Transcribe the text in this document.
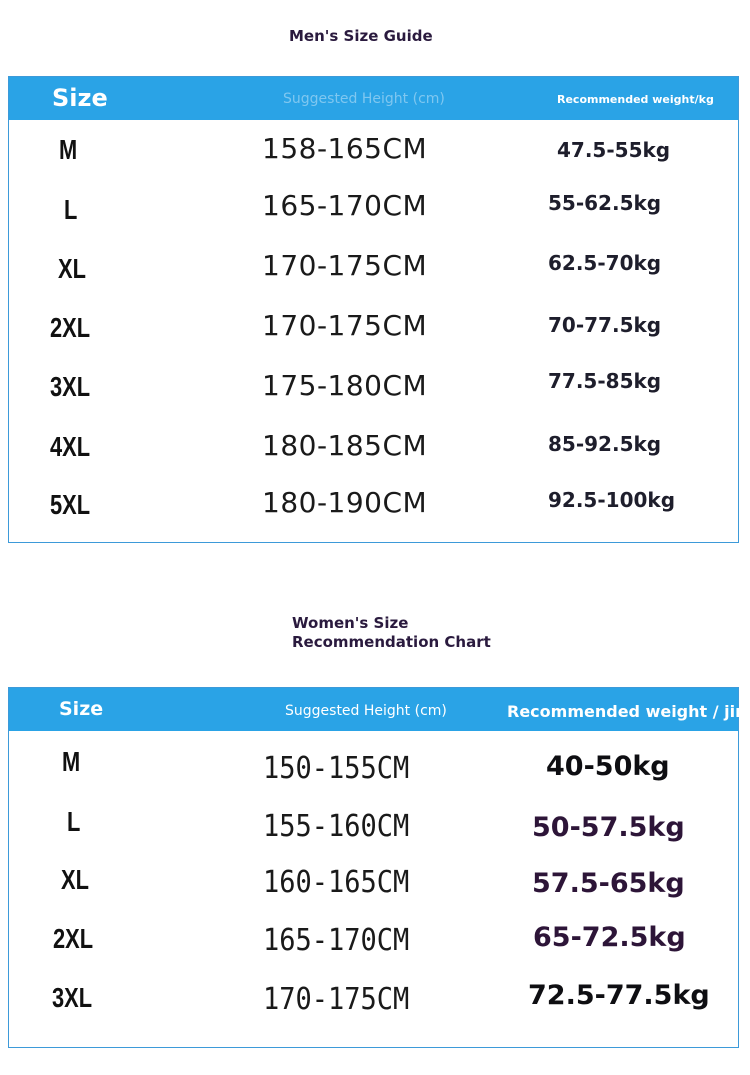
Men's Size Guide
Size	Suggested Height (cm)	Recommended weight/kg
M	158-165CM	47.5-55kg
L	165-170CM	55-62.5kg
XL	170-175CM	62.5-70kg
2XL	170-175CM	70-77.5kg
3XL	175-180CM	77.5-85kg
4XL	180-185CM	85-92.5kg
5XL	180-190CM	92.5-100kg
Women's Size Recommendation Chart
Size	Suggested Height (cm)	Recommended weight / jin
M	150-155CM	40-50kg
L	155-160CM	50-57.5kg
XL	160-165CM	57.5-65kg
2XL	165-170CM	65-72.5kg
3XL	170-175CM	72.5-77.5kg
